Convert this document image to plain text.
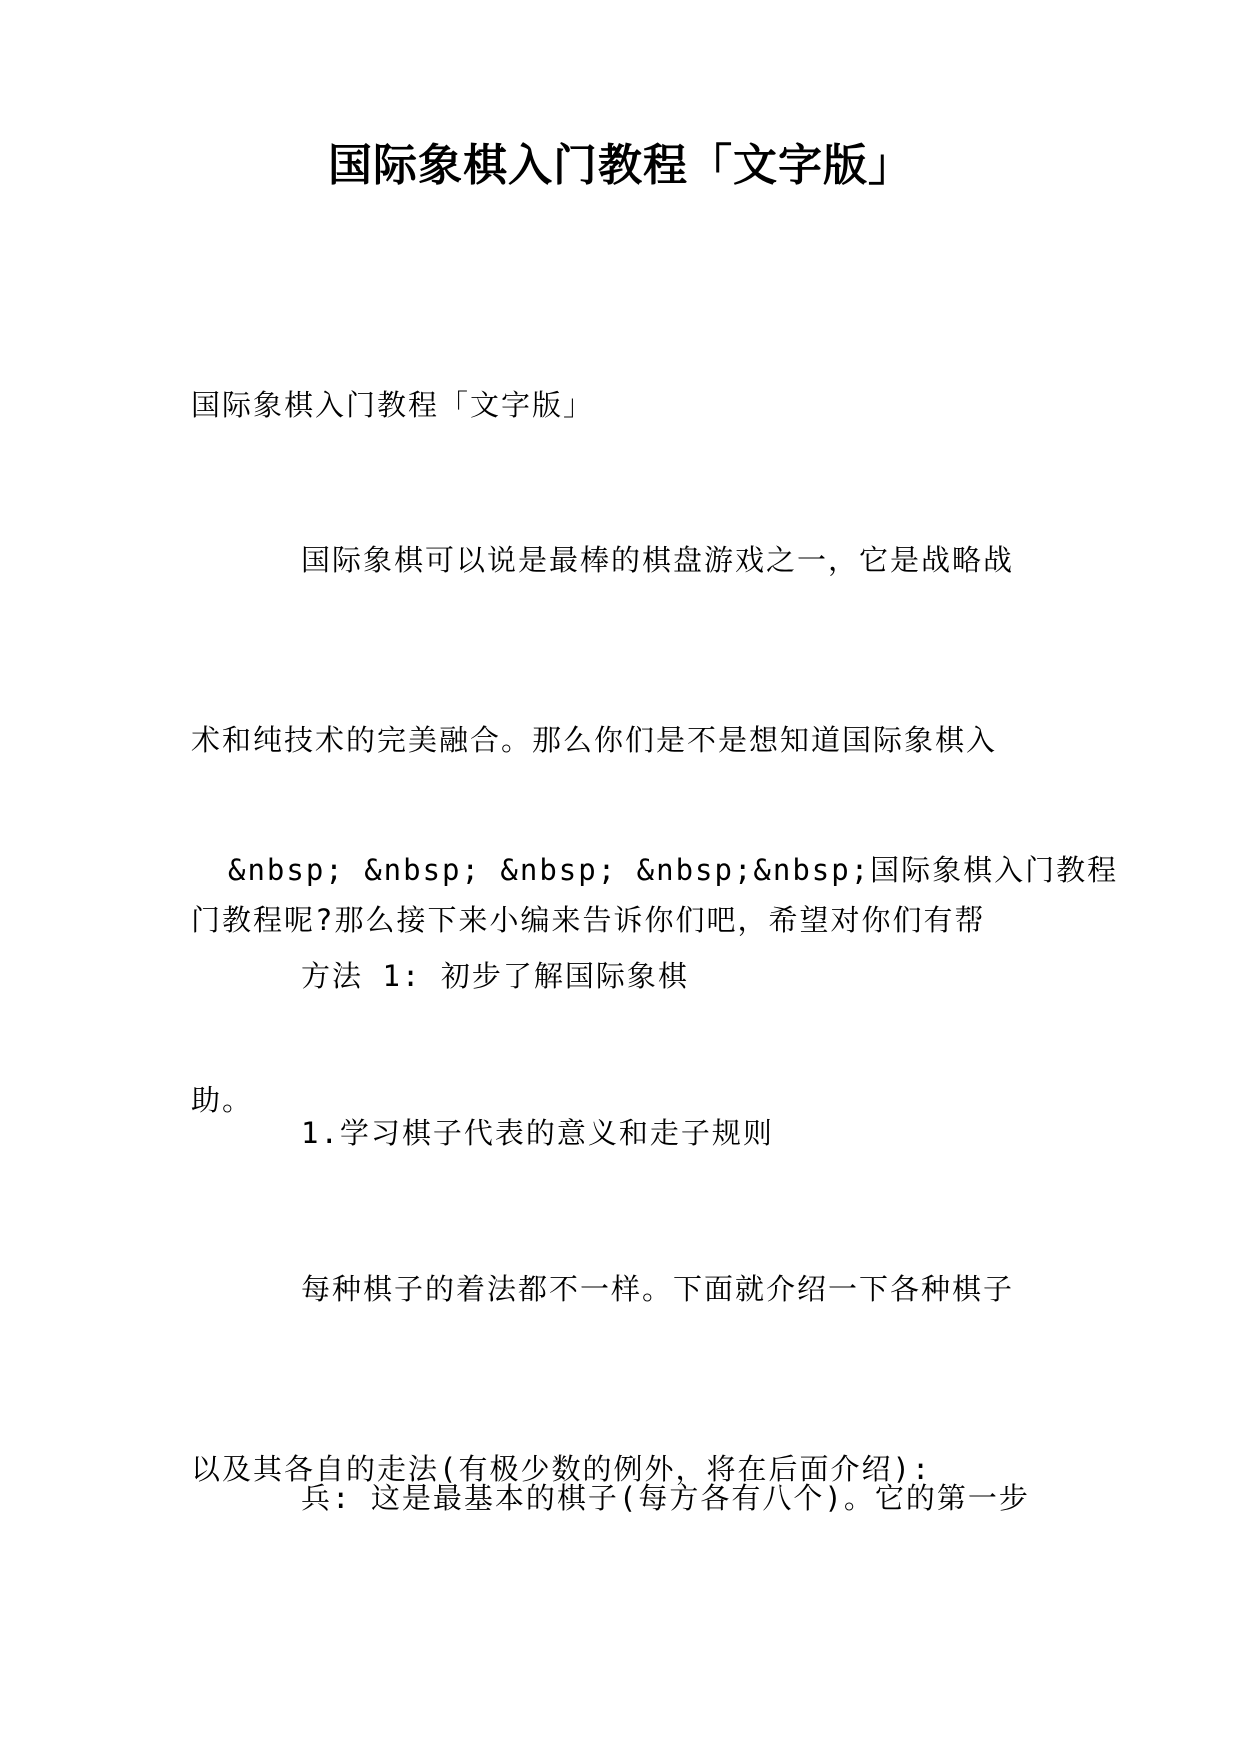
国际象棋入门教程「文字版」

国际象棋入门教程「文字版」

国际象棋可以说是最棒的棋盘游戏之一，它是战略战

术和纯技术的完美融合。那么你们是不是想知道国际象棋入

门教程呢?那么接下来小编来告诉你们吧，希望对你们有帮

助。

&nbsp; &nbsp; &nbsp; &nbsp;&nbsp;国际象棋入门教程

方法 1: 初步了解国际象棋

1.学习棋子代表的意义和走子规则

每种棋子的着法都不一样。下面就介绍一下各种棋子

以及其各自的走法(有极少数的例外，将在后面介绍):

兵: 这是最基本的棋子(每方各有八个)。它的第一步
